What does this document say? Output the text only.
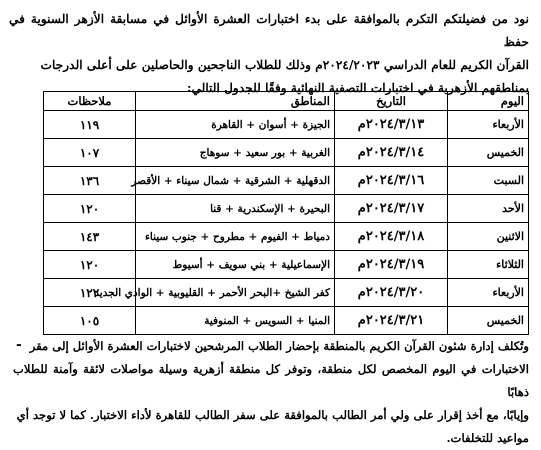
نود من فضيلتكم التكرم بالموافقة على بدء اختبارات العشرة الأوائل في مسابقة الأزهر السنوية في حفظ

القرآن الكريم للعام الدراسي ٢٠٢٤/٢٠٢٣م وذلك للطلاب الناجحين والحاصلين على أعلى الدرجات

بمناطقهم الأزهرية في اختبارات التصفية النهائية وفقًا للجدول التالي:

اليوم	التاريخ	المناطق	ملاحظات
الأربعاء	٢٠٢٤/٣/١٣م	الجيزة + أسوان + القاهرة	١١٩
الخميس	٢٠٢٤/٣/١٤م	الغربية + بور سعيد + سوهاج	١٠٧
السبت	٢٠٢٤/٣/١٦م	الدقهلية + الشرقية + شمال سيناء + الأقصر	١٣٦
الأحد	٢٠٢٤/٣/١٧م	البحيرة + الإسكندرية + قنا	١٢٠
الاثنين	٢٠٢٤/٣/١٨م	دمياط + الفيوم + مطروح + جنوب سيناء	١٤٣
الثلاثاء	٢٠٢٤/٣/١٩م	الإسماعيلية + بني سويف + أسيوط	١٢٠
الأربعاء	٢٠٢٤/٣/٢٠م	كفر الشيخ +البحر الأحمر + القليوبية + الوادي الجديد	١٢٢
الخميس	٢٠٢٤/٣/٢١م	المنيا + السويس + المنوفية	١٠٥
- وتُكلف إدارة شئون القرآن الكريم بالمنطقة بإحضار الطلاب المرشحين لاختبارات العشرة الأوائل إلى مقر

الاختبارات في اليوم المخصص لكل منطقة، وتوفر كل منطقة أزهرية وسيلة مواصلات لائقة وآمنة للطلاب ذهابًا

وإيابًا، مع أخذ إقرار على ولي أمر الطالب بالموافقة على سفر الطالب للقاهرة لأداء الاختبار. كما لا توجد أي

مواعيد للتخلفات.
